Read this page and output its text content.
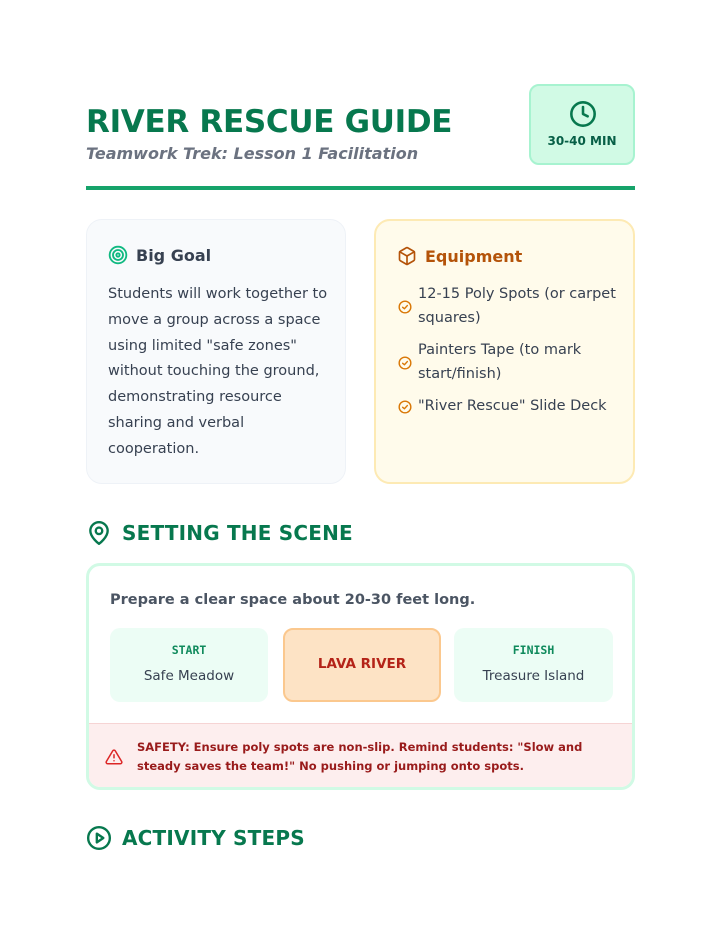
RIVER RESCUE GUIDE
Teamwork Trek: Lesson 1 Facilitation
30-40 MIN
Big Goal
Students will work together to move a group across a space using limited "safe zones" without touching the ground, demonstrating resource sharing and verbal cooperation.
Equipment
12-15 Poly Spots (or carpet squares)
Painters Tape (to mark start/finish)
"River Rescue" Slide Deck
SETTING THE SCENE
Prepare a clear space about 20-30 feet long.
START
Safe Meadow
LAVA RIVER
FINISH
Treasure Island
SAFETY: Ensure poly spots are non-slip. Remind students: "Slow and steady saves the team!" No pushing or jumping onto spots.
ACTIVITY STEPS
